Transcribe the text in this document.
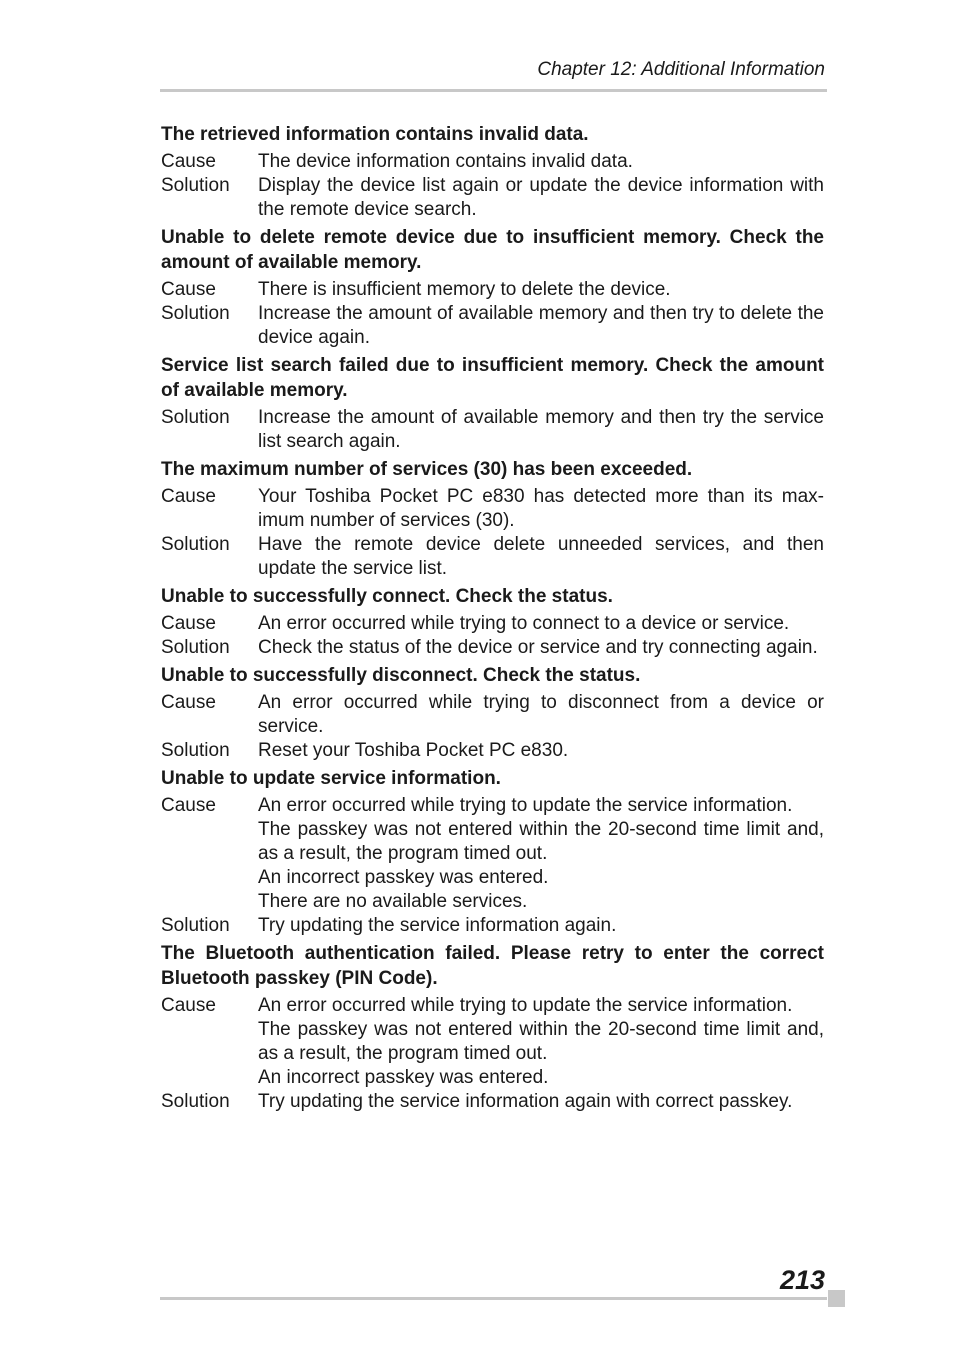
Chapter 12: Additional Information
The retrieved information contains invalid data.
Cause	The device information contains invalid data.
Solution	Display the device list again or update the device information with the remote device search.
Unable to delete remote device due to insufficient memory. Check the amount of available memory.
Cause	There is insufficient memory to delete the device.
Solution	Increase the amount of available memory and then try to delete the device again.
Service list search failed due to insufficient memory. Check the amount of available memory.
Solution	Increase the amount of available memory and then try the service list search again.
The maximum number of services (30) has been exceeded.
Cause	Your Toshiba Pocket PC e830 has detected more than its maximum number of services (30).
Solution	Have the remote device delete unneeded services, and then update the service list.
Unable to successfully connect. Check the status.
Cause	An error occurred while trying to connect to a device or service.
Solution	Check the status of the device or service and try connecting again.
Unable to successfully disconnect. Check the status.
Cause	An error occurred while trying to disconnect from a device or service.
Solution	Reset your Toshiba Pocket PC e830.
Unable to update service information.
Cause	An error occurred while trying to update the service information.
The passkey was not entered within the 20-second time limit and, as a result, the program timed out.
An incorrect passkey was entered.
There are no available services.
Solution	Try updating the service information again.
The Bluetooth authentication failed. Please retry to enter the correct Bluetooth passkey (PIN Code).
Cause	An error occurred while trying to update the service information.
The passkey was not entered within the 20-second time limit and, as a result, the program timed out.
An incorrect passkey was entered.
Solution	Try updating the service information again with correct passkey.
213
